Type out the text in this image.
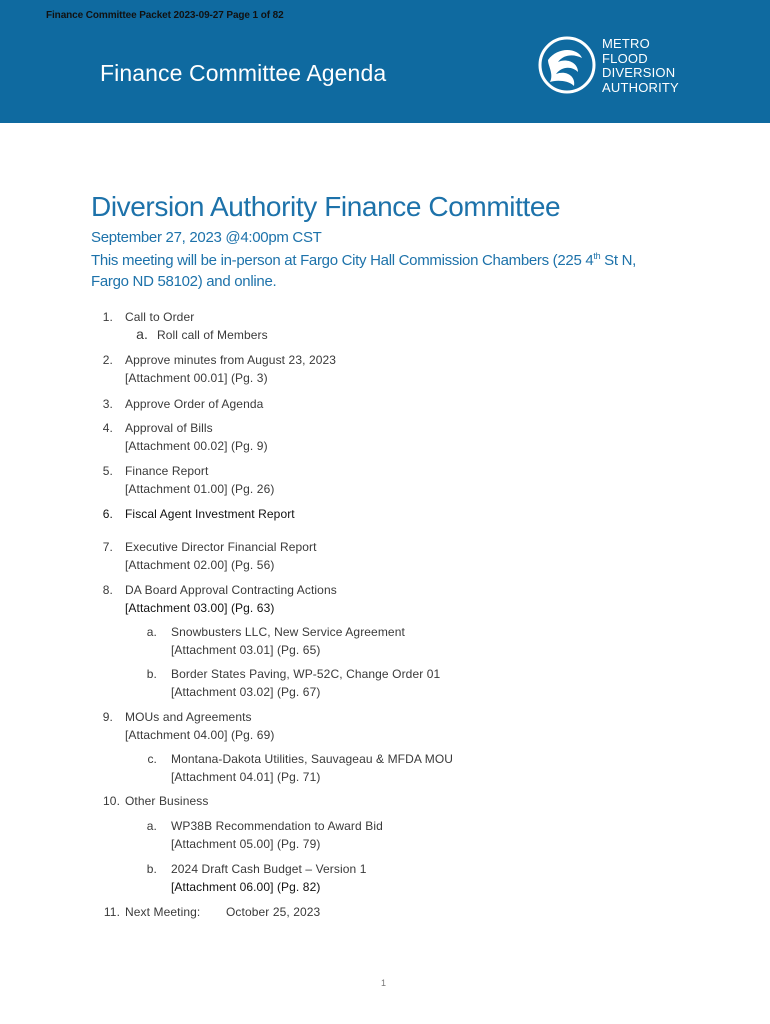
Finance Committee Packet 2023-09-27 Page 1 of 82
Finance Committee Agenda
METRO
FLOOD
DIVERSION
AUTHORITY
Diversion Authority Finance Committee
September 27, 2023 @4:00pm CST
This meeting will be in-person at Fargo City Hall Commission Chambers (225 4th St N,
Fargo ND 58102) and online.
1. Call to Order
a. Roll call of Members
2. Approve minutes from August 23, 2023
[Attachment 00.01] (Pg. 3)
3. Approve Order of Agenda
4. Approval of Bills
[Attachment 00.02] (Pg. 9)
5. Finance Report
[Attachment 01.00] (Pg. 26)
6. Fiscal Agent Investment Report
7. Executive Director Financial Report
[Attachment 02.00] (Pg. 56)
8. DA Board Approval Contracting Actions
[Attachment 03.00] (Pg. 63)
a. Snowbusters LLC, New Service Agreement
[Attachment 03.01] (Pg. 65)
b. Border States Paving, WP-52C, Change Order 01
[Attachment 03.02] (Pg. 67)
9. MOUs and Agreements
[Attachment 04.00] (Pg. 69)
c. Montana-Dakota Utilities, Sauvageau & MFDA MOU
[Attachment 04.01] (Pg. 71)
10. Other Business
a. WP38B Recommendation to Award Bid
[Attachment 05.00] (Pg. 79)
b. 2024 Draft Cash Budget – Version 1
[Attachment 06.00] (Pg. 82)
11. Next Meeting: October 25, 2023
1
